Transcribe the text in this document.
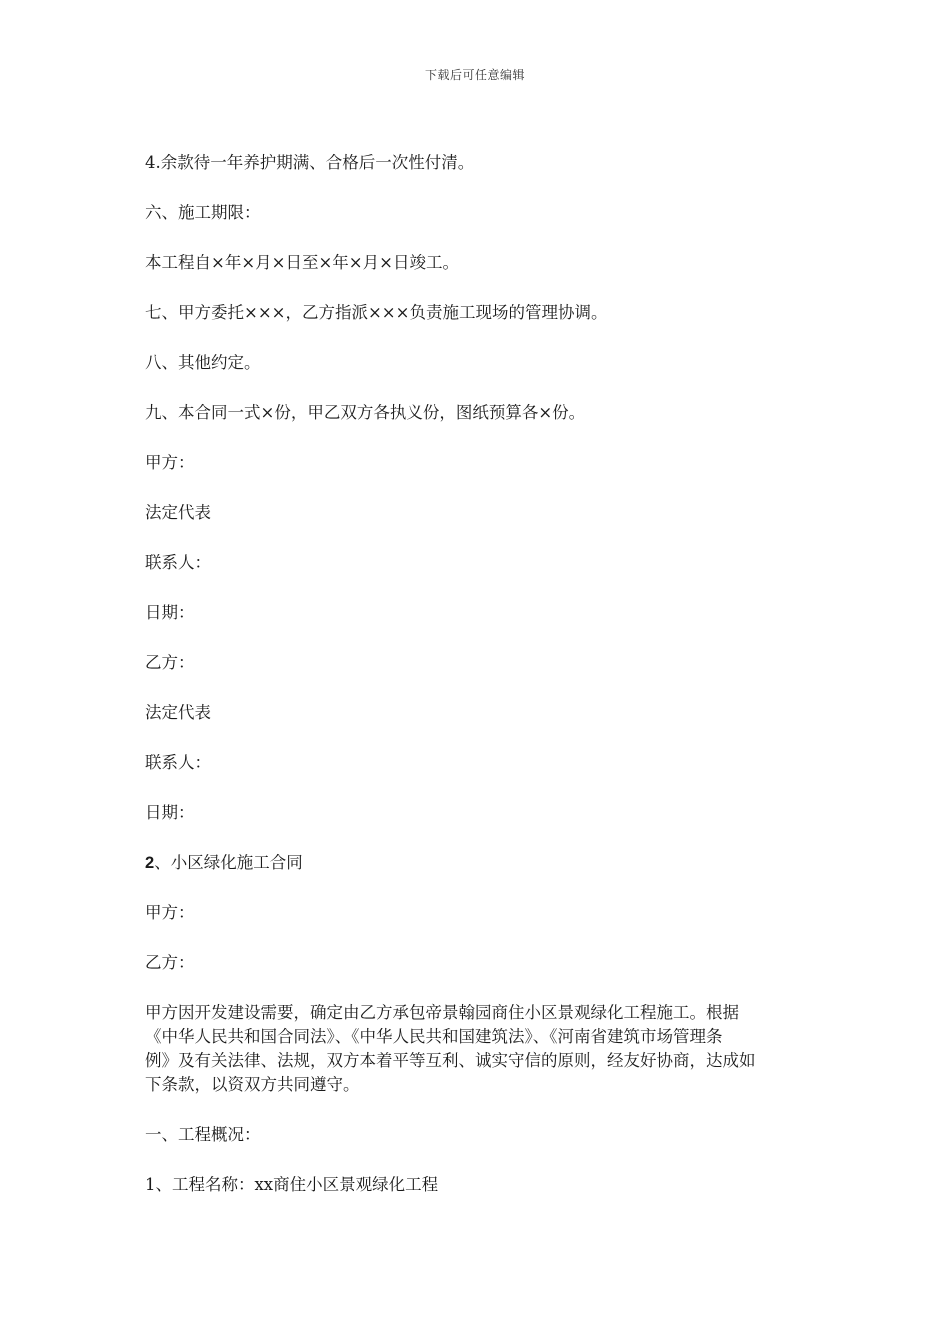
下载后可任意编辑
4.余款待一年养护期满、合格后一次性付清。
六、施工期限：
本工程自×年×月×日至×年×月×日竣工。
七、甲方委托×××，乙方指派×××负责施工现场的管理协调。
八、其他约定。
九、本合同一式×份，甲乙双方各执义份，图纸预算各×份。
甲方：
法定代表
联系人：
日期：
乙方：
法定代表
联系人：
日期：
2、小区绿化施工合同
甲方：
乙方：
甲方因开发建设需要，确定由乙方承包帝景翰园商住小区景观绿化工程施工。根据
《中华人民共和国合同法》、《中华人民共和国建筑法》、《河南省建筑市场管理条
例》及有关法律、法规，双方本着平等互利、诚实守信的原则，经友好协商，达成如
下条款，以资双方共同遵守。
一、工程概况：
1、工程名称：xx商住小区景观绿化工程
